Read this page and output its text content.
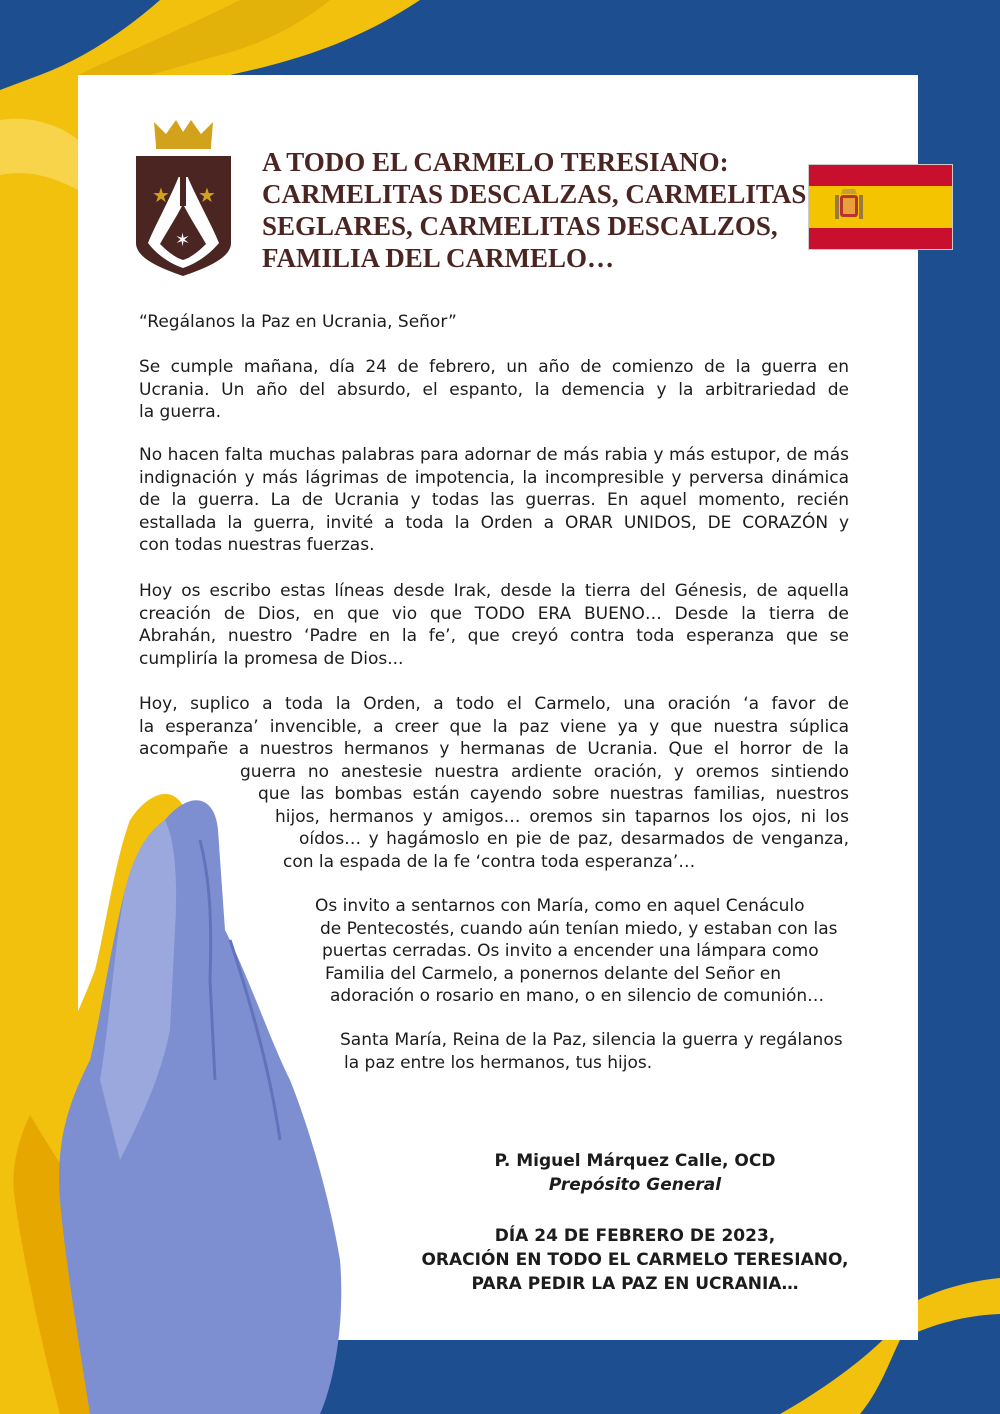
★ ★
✶
A TODO EL CARMELO TERESIANO:
CARMELITAS DESCALZAS, CARMELITAS
SEGLARES, CARMELITAS DESCALZOS,
FAMILIA DEL CARMELO…
“Regálanos la Paz en Ucrania, Señor”
Se cumple mañana, día 24 de febrero, un año de comienzo de la guerra en
Ucrania. Un año del absurdo, el espanto, la demencia y la arbitrariedad de
la guerra.
No hacen falta muchas palabras para adornar de más rabia y más estupor, de más
indignación y más lágrimas de impotencia, la incompresible y perversa dinámica
de la guerra. La de Ucrania y todas las guerras. En aquel momento, recién
estallada la guerra, invité a toda la Orden a ORAR UNIDOS, DE CORAZÓN y
con todas nuestras fuerzas.
Hoy os escribo estas líneas desde Irak, desde la tierra del Génesis, de aquella
creación de Dios, en que vio que TODO ERA BUENO… Desde la tierra de
Abrahán, nuestro ‘Padre en la fe’, que creyó contra toda esperanza que se
cumpliría la promesa de Dios...
Hoy, suplico a toda la Orden, a todo el Carmelo, una oración ‘a favor de
la esperanza’ invencible, a creer que la paz viene ya y que nuestra súplica
acompañe a nuestros hermanos y hermanas de Ucrania. Que el horror de la
guerra no anestesie nuestra ardiente oración, y oremos sintiendo
que las bombas están cayendo sobre nuestras familias, nuestros
hijos, hermanos y amigos… oremos sin taparnos los ojos, ni los
oídos… y hagámoslo en pie de paz, desarmados de venganza,
con la espada de la fe ‘contra toda esperanza’…
Os invito a sentarnos con María, como en aquel Cenáculo
de Pentecostés, cuando aún tenían miedo, y estaban con las
puertas cerradas. Os invito a encender una lámpara como
Familia del Carmelo, a ponernos delante del Señor en
adoración o rosario en mano, o en silencio de comunión…
Santa María, Reina de la Paz, silencia la guerra y regálanos
la paz entre los hermanos, tus hijos.
P. Miguel Márquez Calle, OCD
Prepósito General
DÍA 24 DE FEBRERO DE 2023,
ORACIÓN EN TODO EL CARMELO TERESIANO,
PARA PEDIR LA PAZ EN UCRANIA…
